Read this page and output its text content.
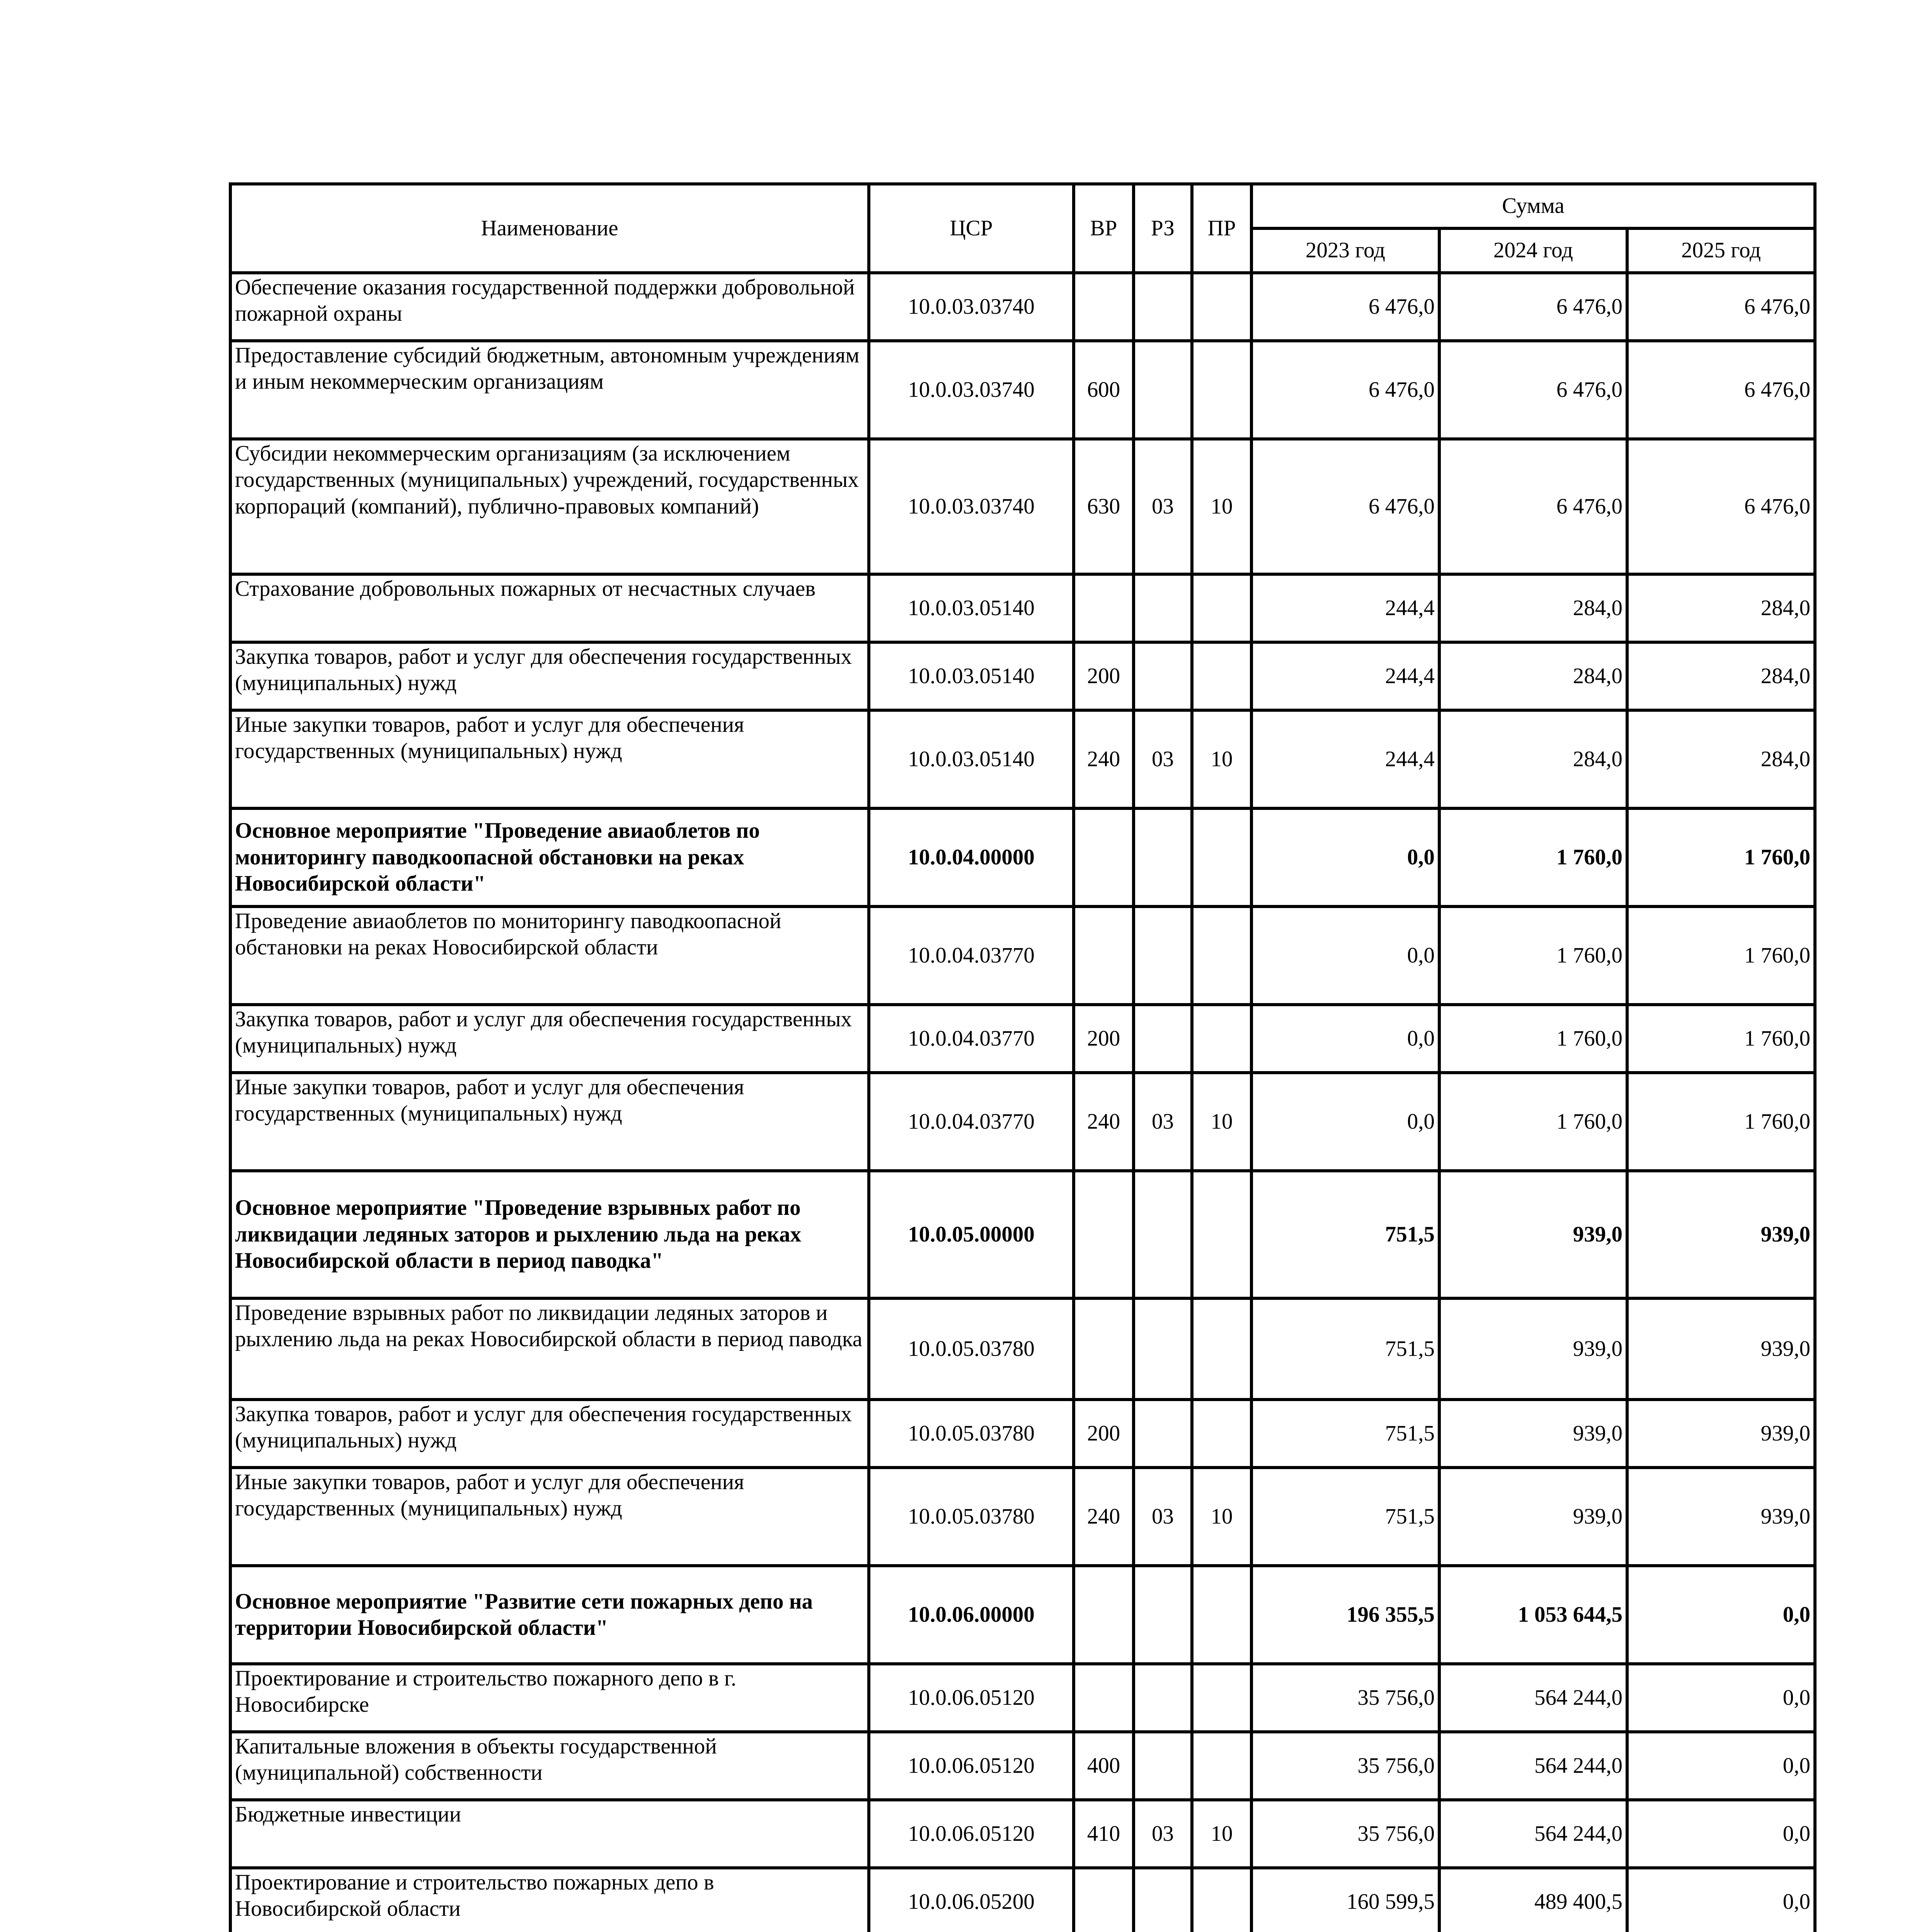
Наименование	ЦСР	ВР	РЗ	ПР	Сумма		
					2023 год	2024 год	2025 год
Обеспечение оказания государственной поддержки добровольной пожарной охраны	10.0.03.03740				6 476,0	6 476,0	6 476,0
Предоставление субсидий бюджетным, автономным учреждениям и иным некоммерческим организациям	10.0.03.03740	600			6 476,0	6 476,0	6 476,0
Субсидии некоммерческим организациям (за исключением государственных (муниципальных) учреждений, государственных корпораций (компаний), публично-правовых компаний)	10.0.03.03740	630	03	10	6 476,0	6 476,0	6 476,0
Страхование добровольных пожарных от несчастных случаев	10.0.03.05140				244,4	284,0	284,0
Закупка товаров, работ и услуг для обеспечения государственных (муниципальных) нужд	10.0.03.05140	200			244,4	284,0	284,0
Иные закупки товаров, работ и услуг для обеспечения государственных (муниципальных) нужд	10.0.03.05140	240	03	10	244,4	284,0	284,0
Основное мероприятие "Проведение авиаоблетов по мониторингу паводкоопасной обстановки на реках Новосибирской области"	10.0.04.00000				0,0	1 760,0	1 760,0
Проведение авиаоблетов по мониторингу паводкоопасной обстановки на реках Новосибирской области	10.0.04.03770				0,0	1 760,0	1 760,0
Закупка товаров, работ и услуг для обеспечения государственных (муниципальных) нужд	10.0.04.03770	200			0,0	1 760,0	1 760,0
Иные закупки товаров, работ и услуг для обеспечения государственных (муниципальных) нужд	10.0.04.03770	240	03	10	0,0	1 760,0	1 760,0
Основное мероприятие "Проведение взрывных работ по ликвидации ледяных заторов и рыхлению льда на реках Новосибирской области в период паводка"	10.0.05.00000				751,5	939,0	939,0
Проведение взрывных работ по ликвидации ледяных заторов и рыхлению льда на реках Новосибирской области в период паводка	10.0.05.03780				751,5	939,0	939,0
Закупка товаров, работ и услуг для обеспечения государственных (муниципальных) нужд	10.0.05.03780	200			751,5	939,0	939,0
Иные закупки товаров, работ и услуг для обеспечения государственных (муниципальных) нужд	10.0.05.03780	240	03	10	751,5	939,0	939,0
Основное мероприятие "Развитие сети пожарных депо на территории Новосибирской области"	10.0.06.00000				196 355,5	1 053 644,5	0,0
Проектирование и строительство пожарного депо в г. Новосибирске	10.0.06.05120				35 756,0	564 244,0	0,0
Капитальные вложения в объекты государственной (муниципальной) собственности	10.0.06.05120	400			35 756,0	564 244,0	0,0
Бюджетные инвестиции	10.0.06.05120	410	03	10	35 756,0	564 244,0	0,0
Проектирование и строительство пожарных депо в Новосибирской области	10.0.06.05200				160 599,5	489 400,5	0,0
